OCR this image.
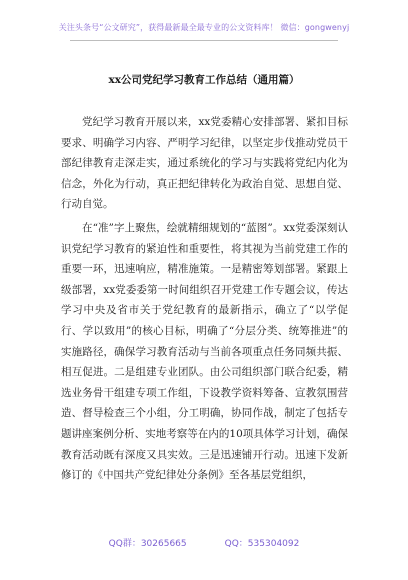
关注头条号“公文研究”，获得最新最全最专业的公文资料库！ 微信：gongwenyj
xx公司党纪学习教育工作总结（通用篇）

党纪学习教育开展以来，xx党委精心安排部署、紧扣目标要求、明确学习内容、严明学习纪律，以坚定步伐推动党员干部纪律教育走深走实，通过系统化的学习与实践将党纪内化为信念，外化为行动，真正把纪律转化为政治自觉、思想自觉、行动自觉。

在“准”字上聚焦，绘就精细规划的“蓝图”。xx党委深刻认识党纪学习教育的紧迫性和重要性，将其视为当前党建工作的重要一环，迅速响应，精准施策。一是精密筹划部署。紧跟上级部署，xx党委委第一时间组织召开党建工作专题会议，传达学习中央及省市关于党纪教育的最新指示，确立了“以学促行、学以致用”的核心目标，明确了“分层分类、统筹推进”的实施路径，确保学习教育活动与当前各项重点任务同频共振、相互促进。二是组建专业团队。由公司组织部门联合纪委，精选业务骨干组建专项工作组，下设教学资料筹备、宣教氛围营造、督导检查三个小组，分工明确，协同作战，制定了包括专题讲座案例分析、实地考察等在内的10项具体学习计划，确保教育活动既有深度又具实效。三是迅速铺开行动。迅速下发新修订的《中国共产党纪律处分条例》至各基层党组织，

QQ群：30265665	QQ：535304092
